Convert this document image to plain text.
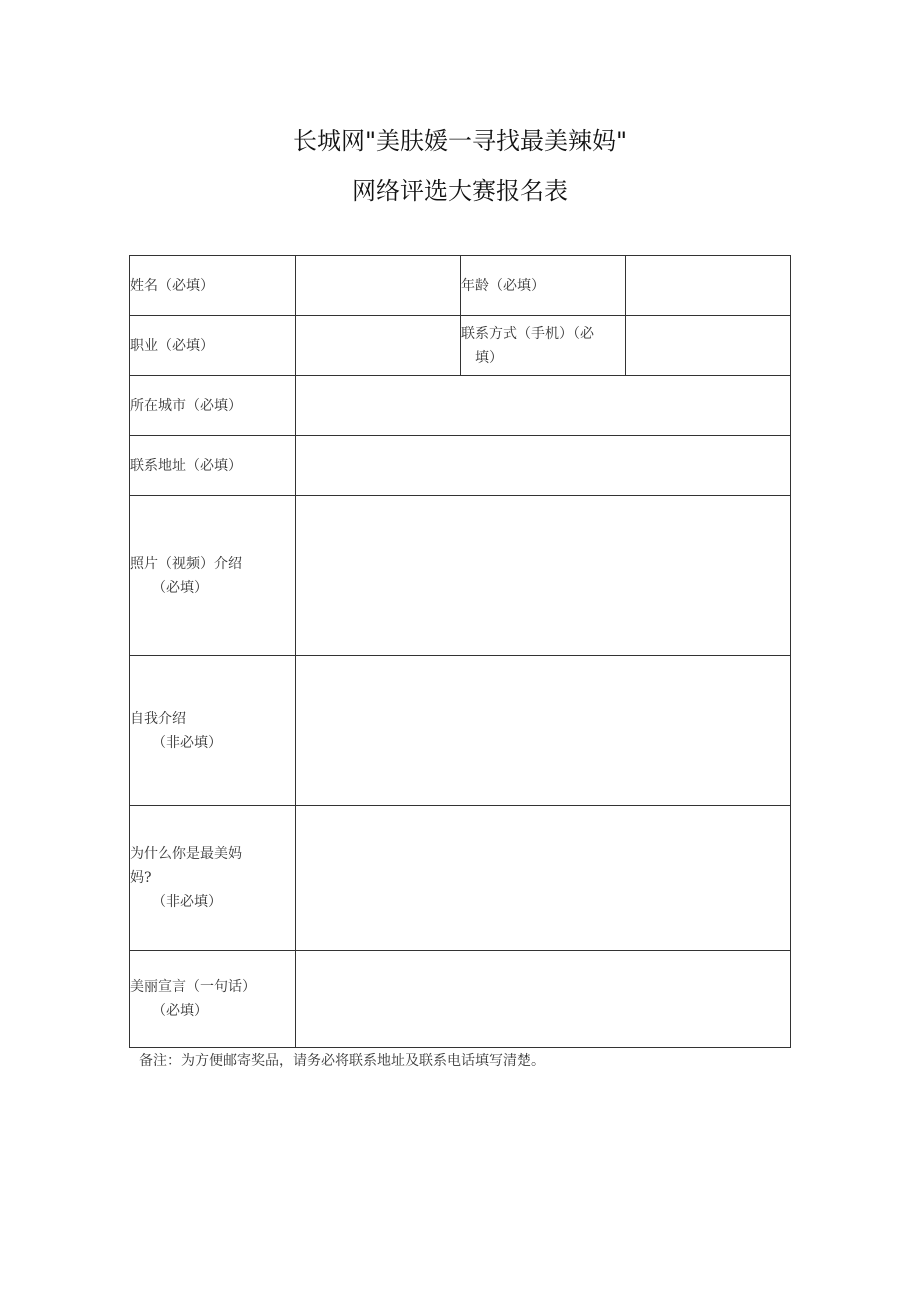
长城网"美肤媛一寻找最美辣妈"
网络评选大赛报名表
姓名（必填）		年龄（必填）	
职业（必填）		联系方式（手机）（必
填）	

所在城市（必填）			
联系地址（必填）			

照片（视频）介绍
（必填）			

自我介绍
（非必填）			

为什么你是最美妈
妈?
（非必填）			

美丽宣言（一句话）
（必填）			

备注：为方便邮寄奖品，请务必将联系地址及联系电话填写清楚。
